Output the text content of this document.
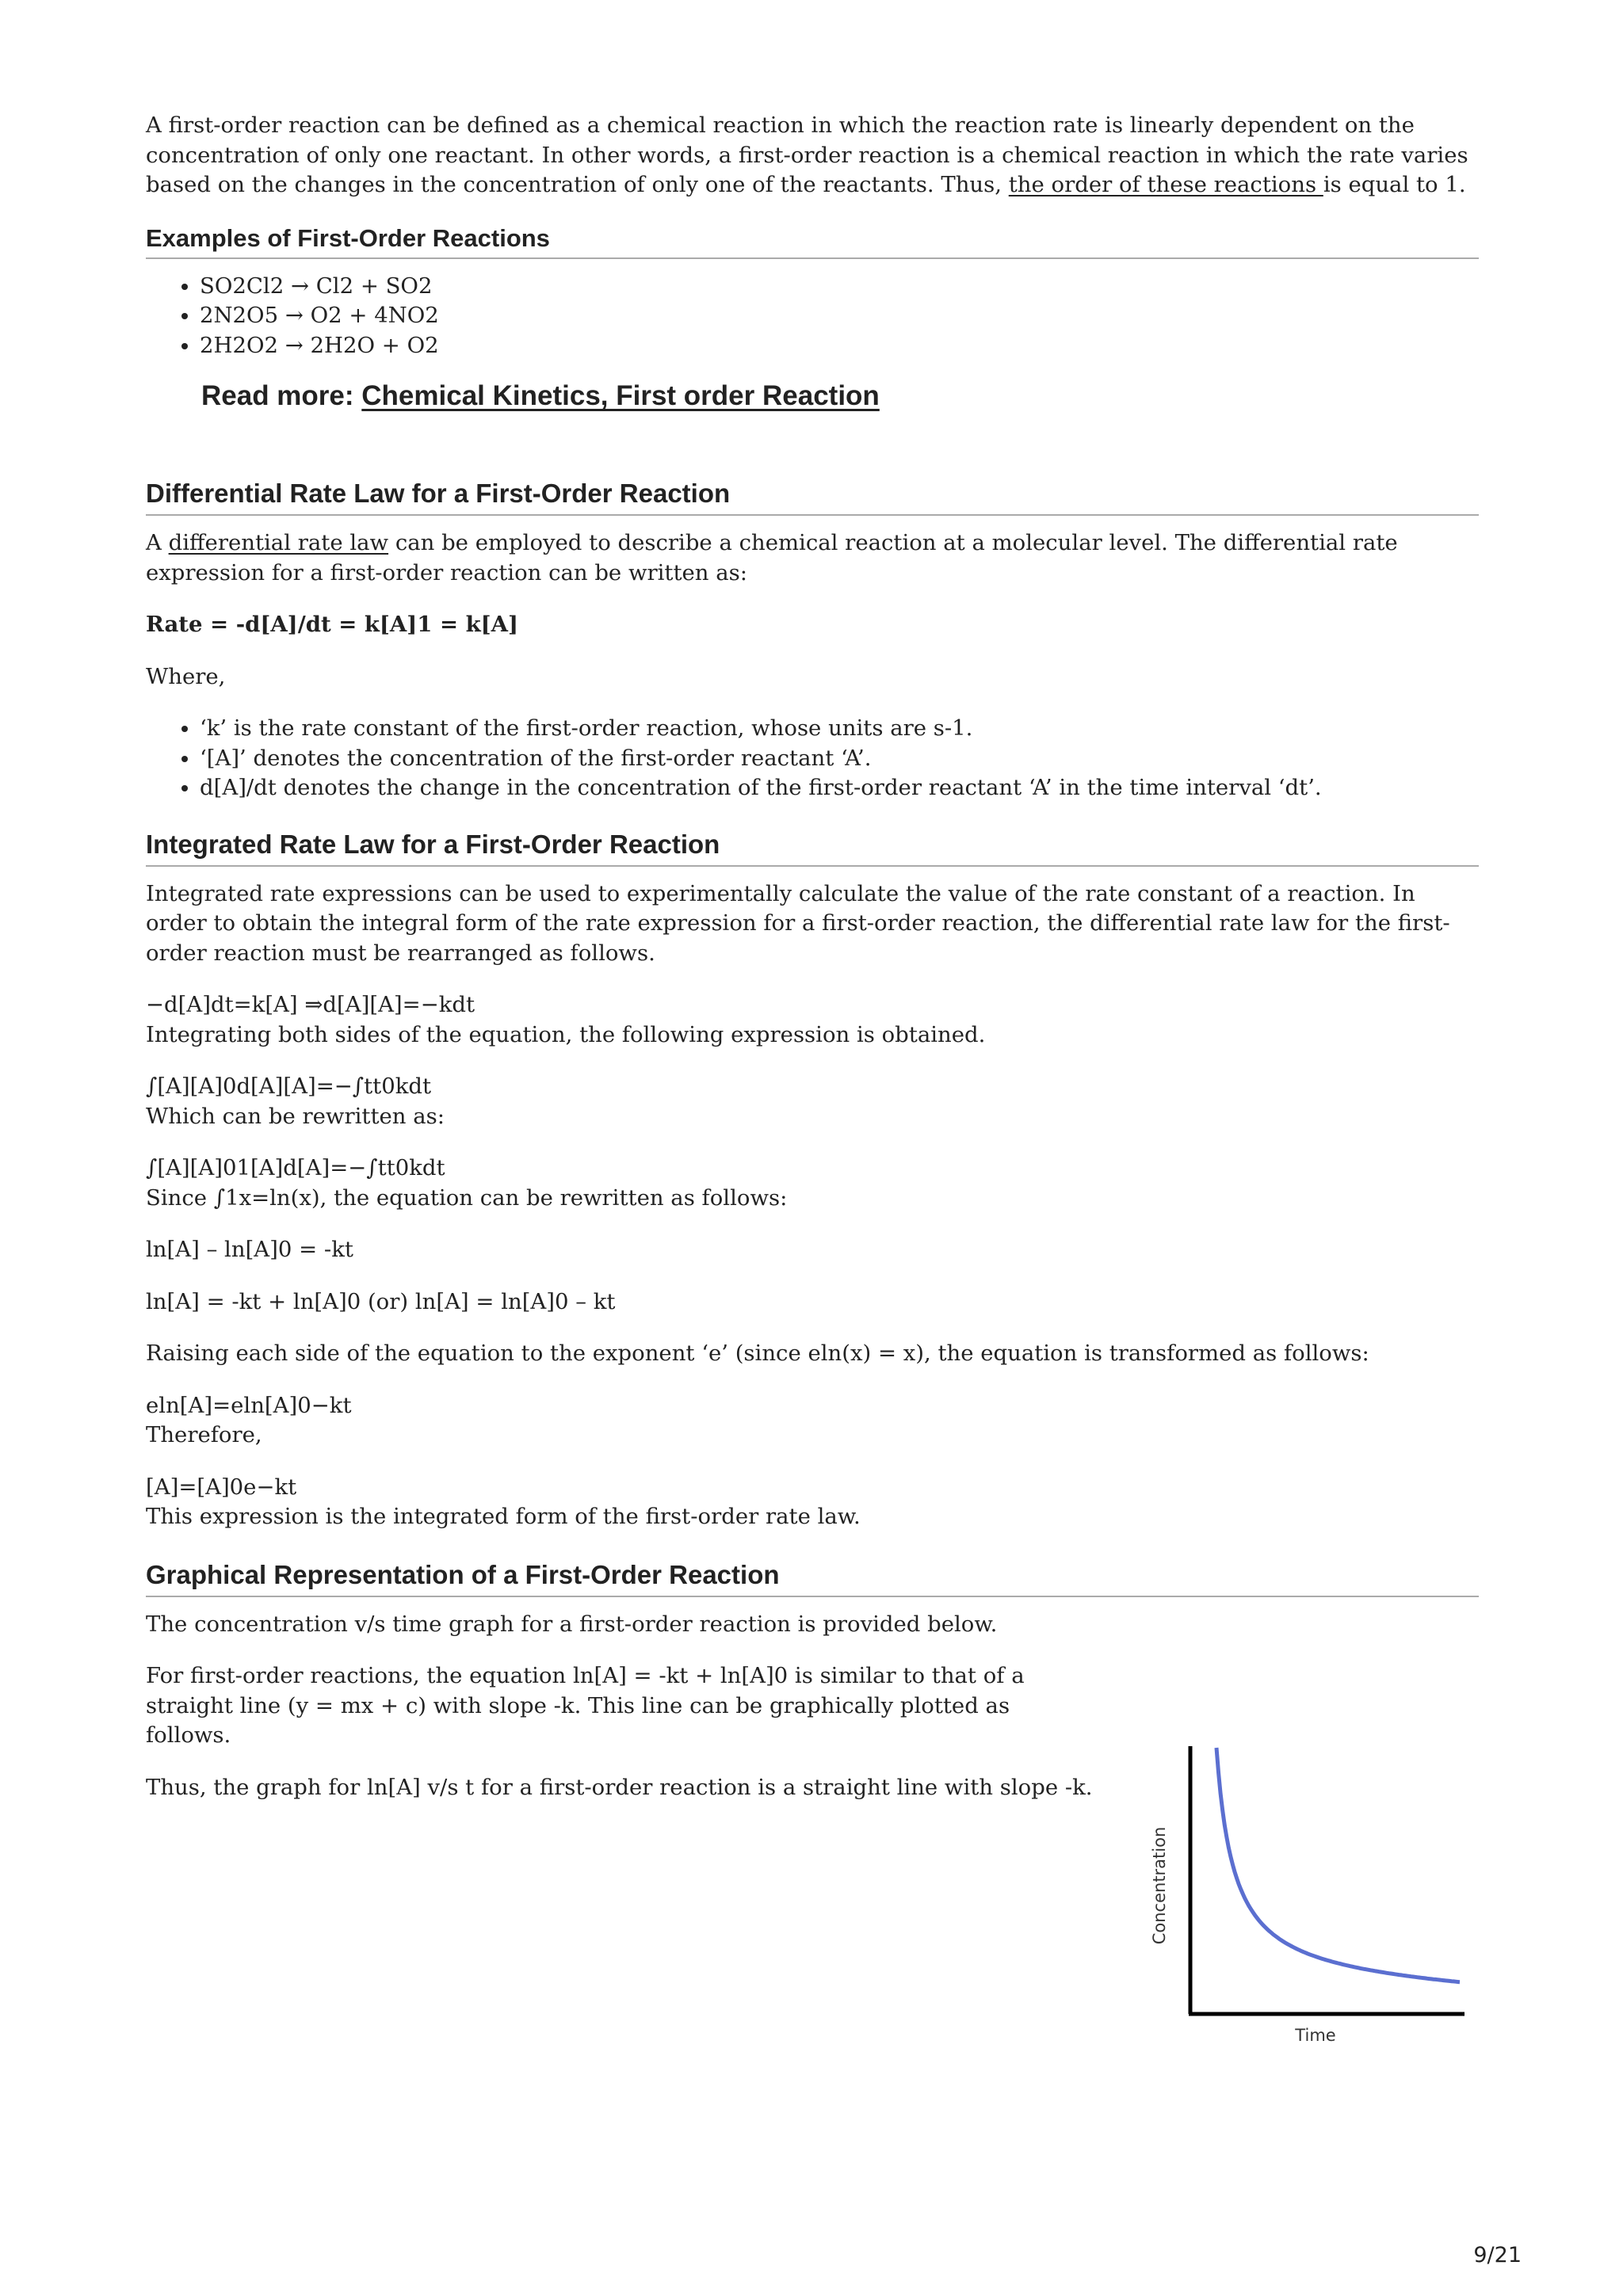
A first-order reaction can be defined as a chemical reaction in which the reaction rate is linearly dependent on the concentration of only one reactant. In other words, a first-order reaction is a chemical reaction in which the rate varies based on the changes in the concentration of only one of the reactants. Thus, the order of these reactions is equal to 1.

Examples of First-Order Reactions
• SO2Cl2 → Cl2 + SO2
• 2N2O5 → O2 + 4NO2
• 2H2O2 → 2H2O + O2
Read more: Chemical Kinetics, First order Reaction
Differential Rate Law for a First-Order Reaction

A differential rate law can be employed to describe a chemical reaction at a molecular level. The differential rate expression for a first-order reaction can be written as:

Rate = -d[A]/dt = k[A]1 = k[A]

Where,

• ‘k’ is the rate constant of the first-order reaction, whose units are s-1.
• ‘[A]’ denotes the concentration of the first-order reactant ‘A’.
• d[A]/dt denotes the change in the concentration of the first-order reactant ‘A’ in the time interval ‘dt’.
Integrated Rate Law for a First-Order Reaction

Integrated rate expressions can be used to experimentally calculate the value of the rate constant of a reaction. In order to obtain the integral form of the rate expression for a first-order reaction, the differential rate law for the first-order reaction must be rearranged as follows.

−d[A]dt=k[A] ⇒d[A][A]=−kdt
Integrating both sides of the equation, the following expression is obtained.
∫[A][A]0d[A][A]=−∫tt0kdt
Which can be rewritten as:
∫[A][A]01[A]d[A]=−∫tt0kdt
Since ∫1x=ln(x), the equation can be rewritten as follows:

ln[A] – ln[A]0 = -kt

ln[A] = -kt + ln[A]0 (or) ln[A] = ln[A]0 – kt

Raising each side of the equation to the exponent ‘e’ (since eln(x) = x), the equation is transformed as follows:

eln[A]=eln[A]0−kt
Therefore,
[A]=[A]0e−kt
This expression is the integrated form of the first-order rate law.
Graphical Representation of a First-Order Reaction

The concentration v/s time graph for a first-order reaction is provided below.

For first-order reactions, the equation ln[A] = -kt + ln[A]0 is similar to that of a straight line (y = mx + c) with slope -k. This line can be graphically plotted as follows.

Thus, the graph for ln[A] v/s t for a first-order reaction is a straight line with slope -k.

Concentration
Time
9/21
